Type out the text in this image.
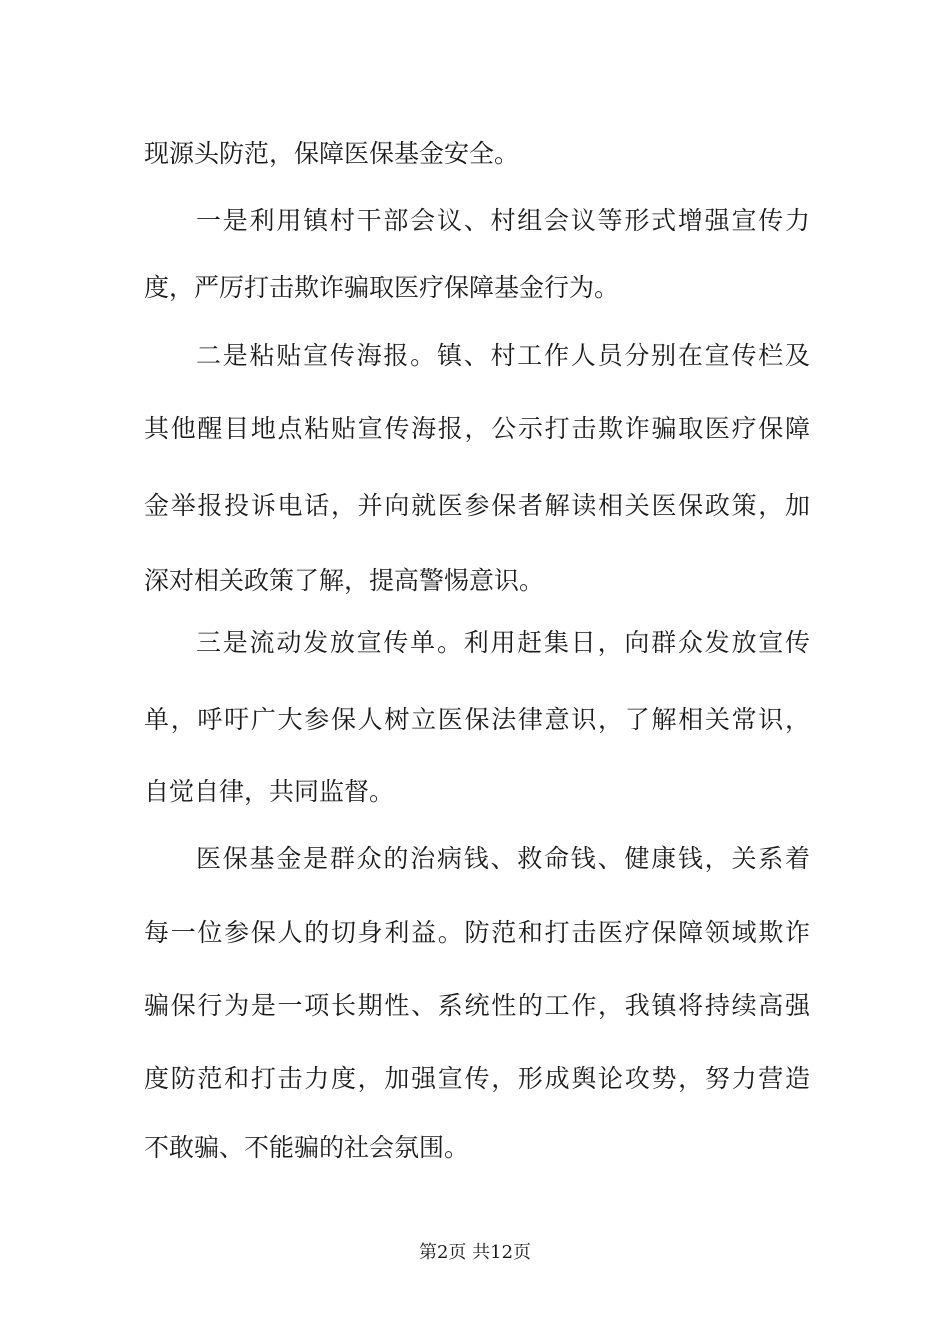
现源头防范，保障医保基金安全。
一是利用镇村干部会议、村组会议等形式增强宣传力
度，严厉打击欺诈骗取医疗保障基金行为。
二是粘贴宣传海报。镇、村工作人员分别在宣传栏及
其他醒目地点粘贴宣传海报，公示打击欺诈骗取医疗保障
金举报投诉电话，并向就医参保者解读相关医保政策，加
深对相关政策了解，提高警惕意识。
三是流动发放宣传单。利用赶集日，向群众发放宣传
单，呼吁广大参保人树立医保法律意识，了解相关常识，
自觉自律，共同监督。
医保基金是群众的治病钱、救命钱、健康钱，关系着
每一位参保人的切身利益。防范和打击医疗保障领域欺诈
骗保行为是一项长期性、系统性的工作，我镇将持续高强
度防范和打击力度，加强宣传，形成舆论攻势，努力营造
不敢骗、不能骗的社会氛围。
第2页 共12页
